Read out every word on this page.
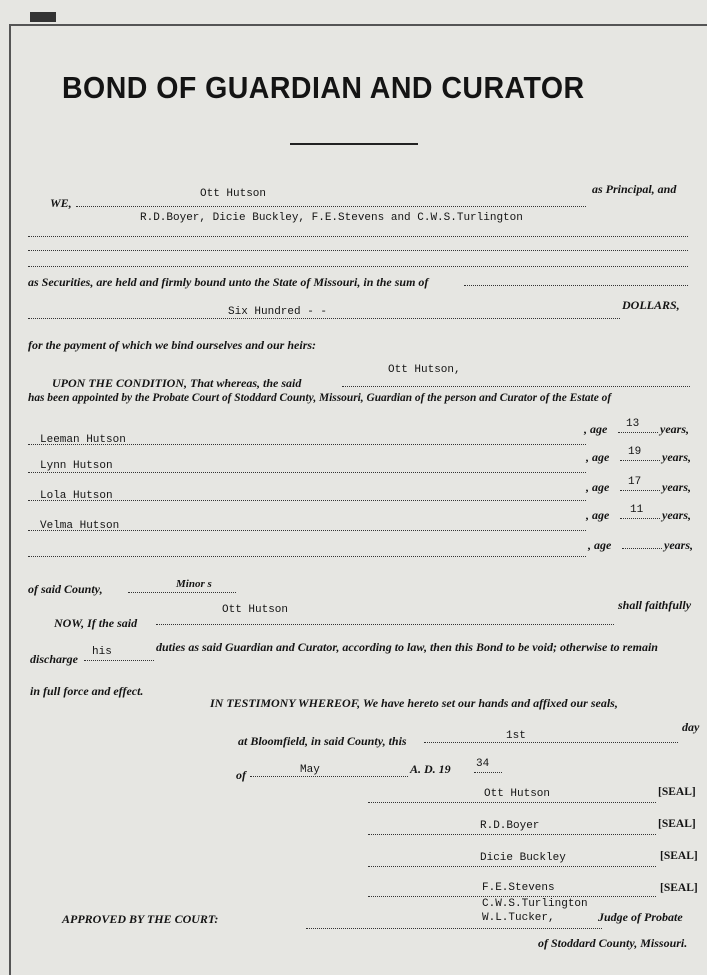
BOND OF GUARDIAN AND CURATOR
WE,
Ott Hutson	as Principal, and
R.D.Boyer, Dicie Buckley, F.E.Stevens and C.W.S.Turlington
as Securities, are held and firmly bound unto the State of Missouri, in the sum of
Six Hundred - -	DOLLARS,
for the payment of which we bind ourselves and our heirs:
UPON THE CONDITION, That whereas, the said
Ott Hutson,
has been appointed by the Probate Court of Stoddard County, Missouri, Guardian of the person and Curator of the Estate of
Leeman Hutson
, age 13 years,
Lynn Hutson
, age 19 years,
Lola Hutson
, age 17 years,
Velma Hutson
, age 11 years,
, age	years,
of said County,	Minor s
NOW, If the said
Ott Hutson	shall faithfully
discharge his	duties as said Guardian and Curator, according to law, then this Bond to be void; otherwise to remain
in full force and effect.
IN TESTIMONY WHEREOF, We have hereto set our hands and affixed our seals,
at Bloomfield, in said County, this	1st
day
of	May	A. D. 19 34
Ott Hutson	[SEAL]
R.D.Boyer	[SEAL]
Dicie Buckley	[SEAL]
F.E.Stevens	[SEAL]
C.W.S.Turlington
APPROVED BY THE COURT:	W.L.Tucker,	Judge of Probate
of Stoddard County, Missouri.
